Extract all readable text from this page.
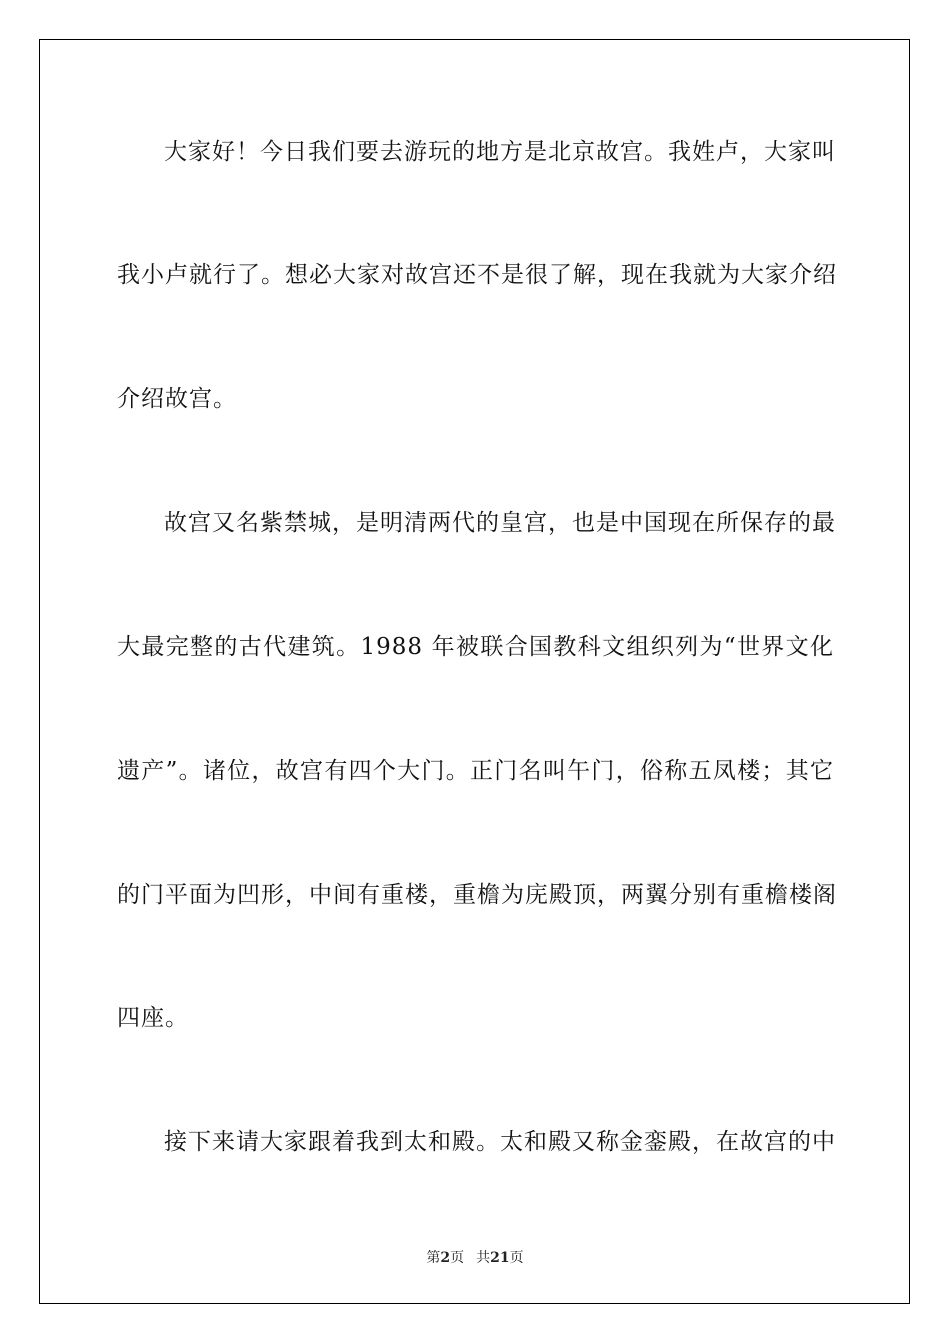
大家好！今日我们要去游玩的地方是北京故宫。我姓卢，大家叫
我小卢就行了。想必大家对故宫还不是很了解，现在我就为大家介绍
介绍故宫。
故宫又名紫禁城，是明清两代的皇宫，也是中国现在所保存的最
大最完整的古代建筑。1988 年被联合国教科文组织列为“世界文化
遗产”。诸位，故宫有四个大门。正门名叫午门，俗称五凤楼；其它
的门平面为凹形，中间有重楼，重檐为庑殿顶，两翼分别有重檐楼阁
四座。
接下来请大家跟着我到太和殿。太和殿又称金銮殿，在故宫的中
第2页 共21页
